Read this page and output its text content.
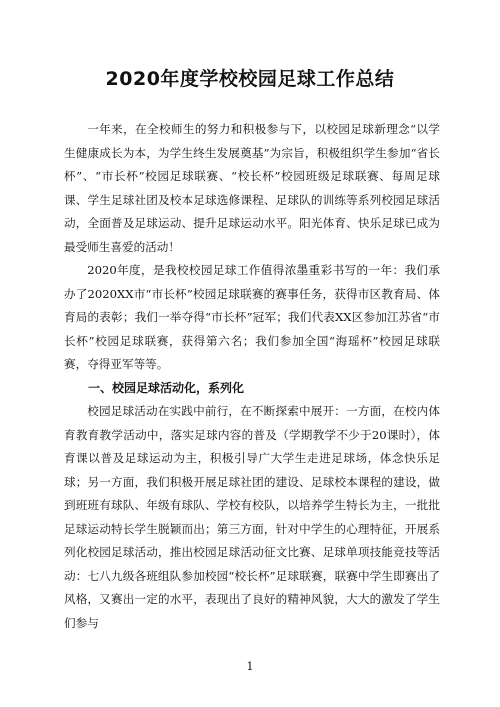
2020年度学校校园足球工作总结

一年来，在全校师生的努力和积极参与下，以校园足球新理念“以学生健康成长为本，为学生终生发展奠基”为宗旨，积极组织学生参加“省长杯”、“市长杯”校园足球联赛、“校长杯”校园班级足球联赛、每周足球课、学生足球社团及校本足球选修课程、足球队的训练等系列校园足球活动，全面普及足球运动、提升足球运动水平。阳光体育、快乐足球已成为最受师生喜爱的活动！

2020年度，是我校校园足球工作值得浓墨重彩书写的一年：我们承办了2020XX市“市长杯”校园足球联赛的赛事任务，获得市区教育局、体育局的表彰；我们一举夺得“市长杯”冠军；我们代表XX区参加江苏省“市长杯”校园足球联赛，获得第六名；我们参加全国“海瑶杯”校园足球联赛，夺得亚军等等。

一、校园足球活动化，系列化

校园足球活动在实践中前行，在不断探索中展开：一方面，在校内体育教育教学活动中，落实足球内容的普及（学期教学不少于20课时），体育课以普及足球运动为主，积极引导广大学生走进足球场，体念快乐足球；另一方面，我们积极开展足球社团的建设、足球校本课程的建设，做到班班有球队、年级有球队、学校有校队，以培养学生特长为主，一批批足球运动特长学生脱颖而出；第三方面，针对中学生的心理特征，开展系列化校园足球活动，推出校园足球活动征文比赛、足球单项技能竞技等活动：七八九级各班组队参加校园“校长杯”足球联赛，联赛中学生即赛出了风格，又赛出一定的水平，表现出了良好的精神风貌，大大的激发了学生们参与

1
